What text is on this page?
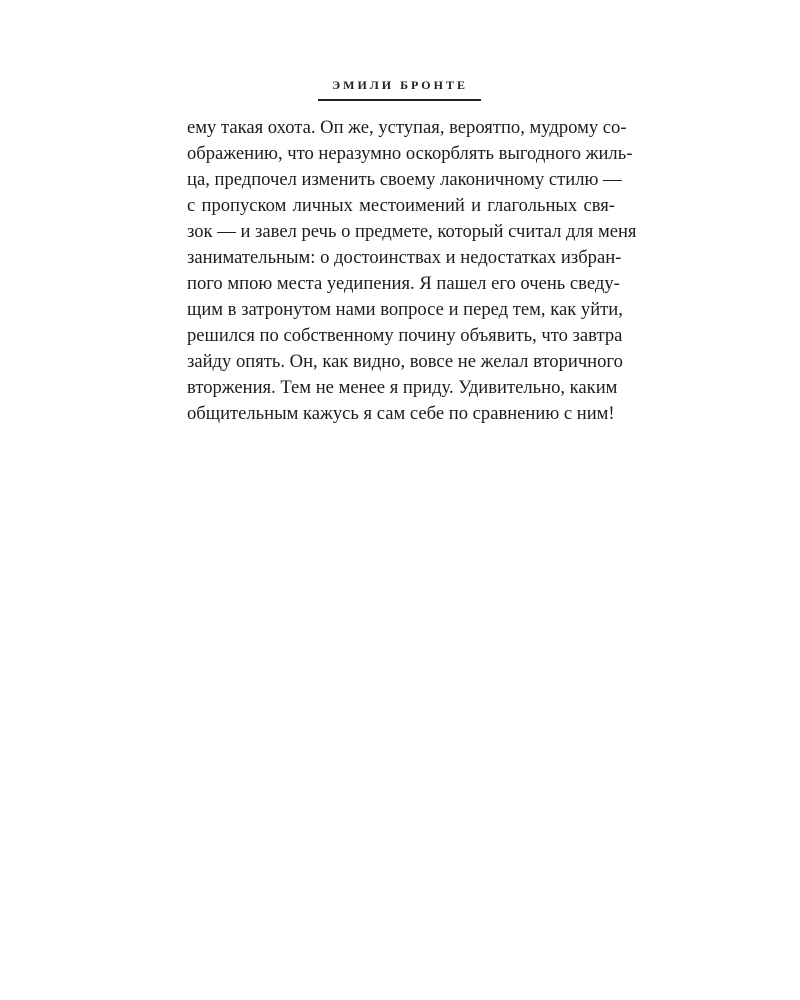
ЭМИЛИ БРОНТЕ
ему такая охота. Оп же, уступая, вероятпо, мудрому со-
ображению, что неразумно оскорблять выгодного жиль-
ца, предпочел изменить своему лаконичному стилю —
с пропуском личных местоимений и глагольных свя-
зок — и завел речь о предмете, который считал для меня
занимательным: о достоинствах и недостатках избран-
пого мпою места уедипения. Я пашел его очень сведу-
щим в затронутом нами вопросе и перед тем, как уйти,
решился по собственному почину объявить, что завтра
зайду опять. Он, как видно, вовсе не желал вторичного
вторжения. Тем не менее я приду. Удивительно, каким
общительным кажусь я сам себе по сравнению с ним!
